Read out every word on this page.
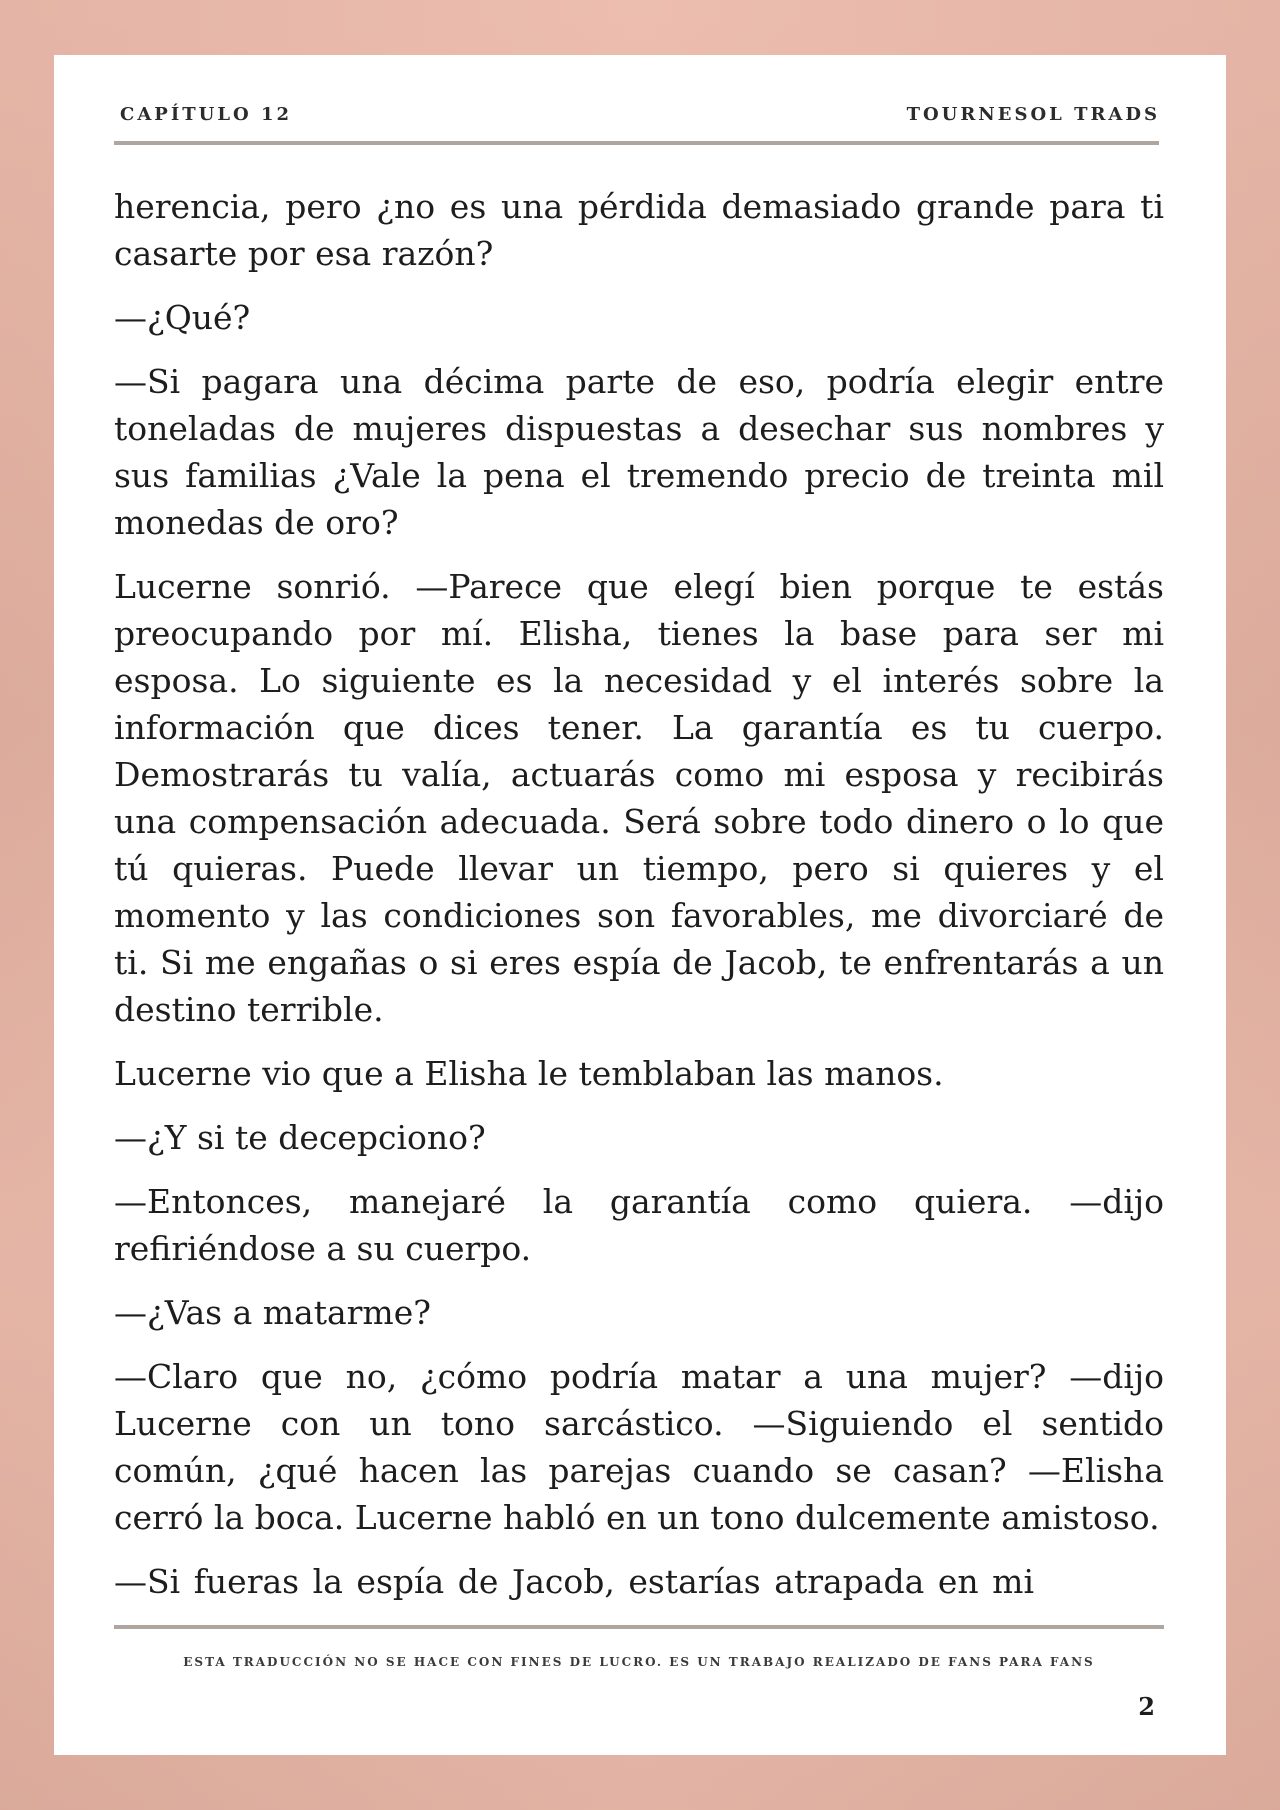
CAPÍTULO 12	TOURNESOL TRADS

herencia, pero ¿no es una pérdida demasiado grande para ti casarte por esa razón?

—¿Qué?

—Si pagara una décima parte de eso, podría elegir entre toneladas de mujeres dispuestas a desechar sus nombres y sus familias ¿Vale la pena el tremendo precio de treinta mil monedas de oro?

Lucerne sonrió. —Parece que elegí bien porque te estás preocupando por mí. Elisha, tienes la base para ser mi esposa. Lo siguiente es la necesidad y el interés sobre la información que dices tener. La garantía es tu cuerpo. Demostrarás tu valía, actuarás como mi esposa y recibirás una compensación adecuada. Será sobre todo dinero o lo que tú quieras. Puede llevar un tiempo, pero si quieres y el momento y las condiciones son favorables, me divorciaré de ti. Si me engañas o si eres espía de Jacob, te enfrentarás a un destino terrible.

Lucerne vio que a Elisha le temblaban las manos.

—¿Y si te decepciono?

—Entonces, manejaré la garantía como quiera. —dijo refiriéndose a su cuerpo.

—¿Vas a matarme?

—Claro que no, ¿cómo podría matar a una mujer? —dijo Lucerne con un tono sarcástico. —Siguiendo el sentido común, ¿qué hacen las parejas cuando se casan? —Elisha cerró la boca. Lucerne habló en un tono dulcemente amistoso.

—Si fueras la espía de Jacob, estarías atrapada en mi

ESTA TRADUCCIÓN NO SE HACE CON FINES DE LUCRO. ES UN TRABAJO REALIZADO DE FANS PARA FANS
2
